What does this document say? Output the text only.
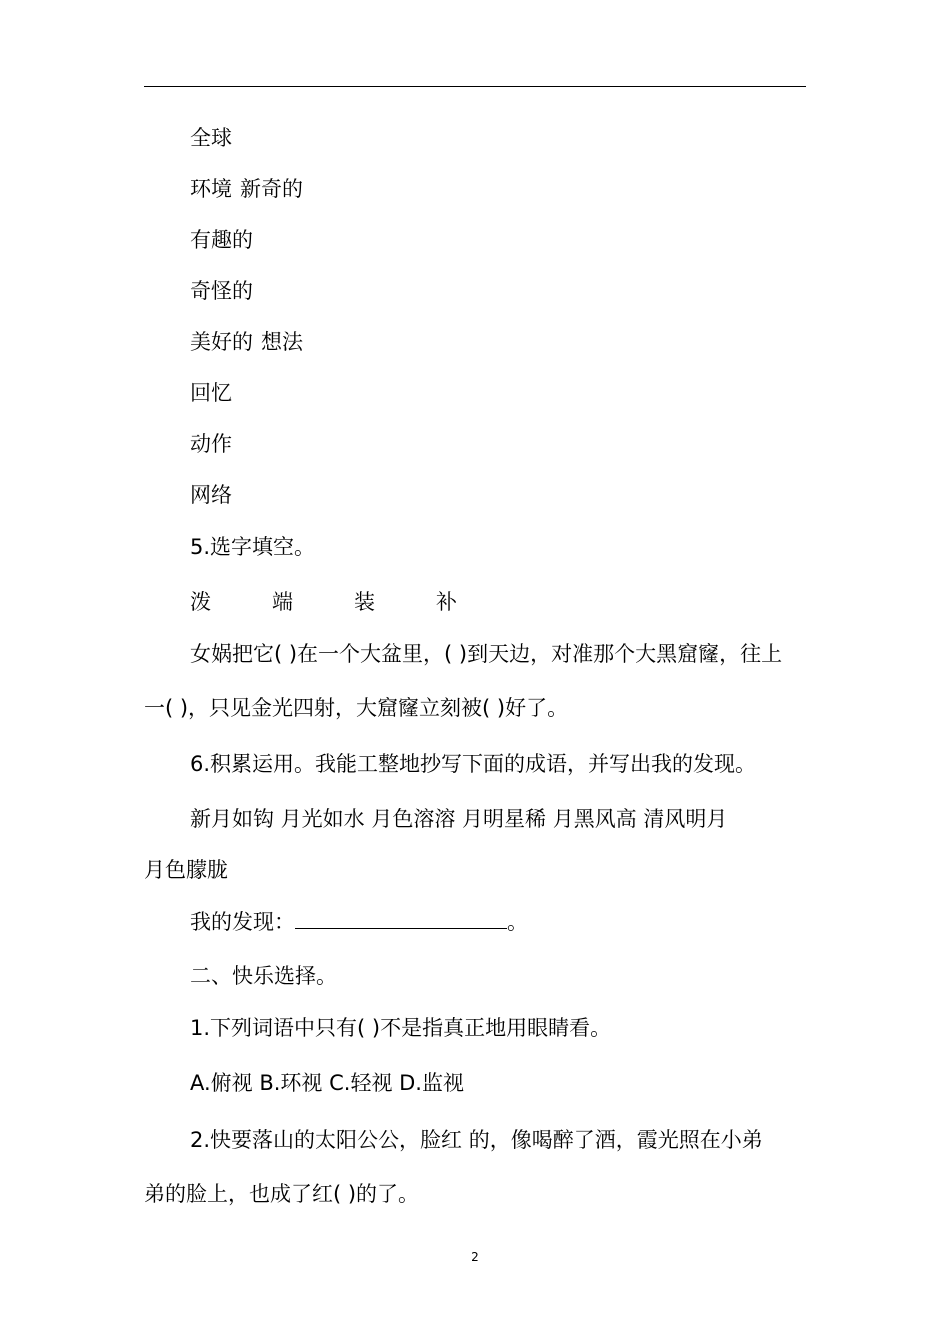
全球
环境 新奇的
有趣的
奇怪的
美好的 想法
回忆
动作
网络
5.选字填空。
泼	端	装	补
女娲把它( )在一个大盆里，( )到天边，对准那个大黑窟窿，往上
一( )，只见金光四射，大窟窿立刻被( )好了。
6.积累运用。我能工整地抄写下面的成语，并写出我的发现。
新月如钩 月光如水 月色溶溶 月明星稀 月黑风高 清风明月
月色朦胧
我的发现：	。
二、快乐选择。
1.下列词语中只有( )不是指真正地用眼睛看。
A.俯视 B.环视 C.轻视 D.监视
2.快要落山的太阳公公，脸红 的，像喝醉了酒，霞光照在小弟
弟的脸上，也成了红( )的了。
2
